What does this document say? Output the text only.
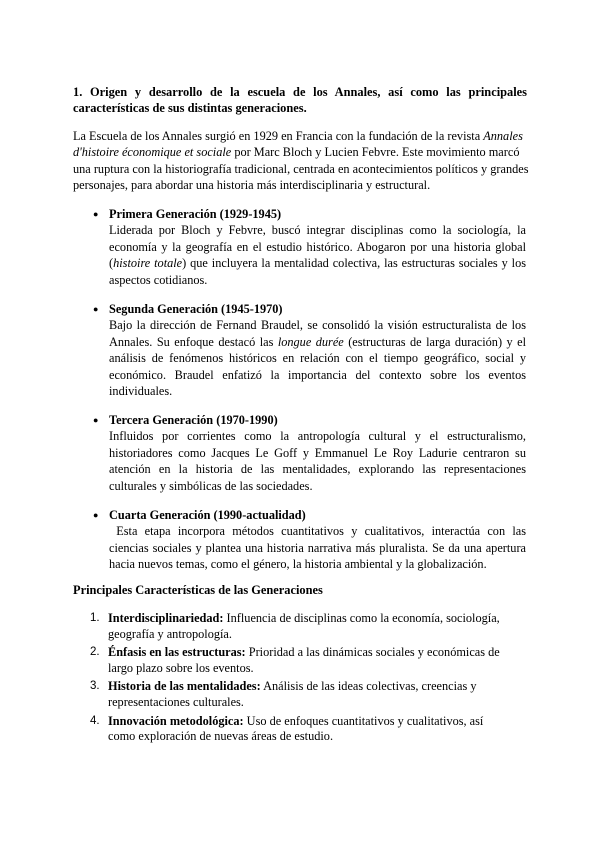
1. Origen y desarrollo de la escuela de los Annales, así como las principales características de sus distintas generaciones.
La Escuela de los Annales surgió en 1929 en Francia con la fundación de la revista Annales d'histoire économique et sociale por Marc Bloch y Lucien Febvre. Este movimiento marcó una ruptura con la historiografía tradicional, centrada en acontecimientos políticos y grandes personajes, para abordar una historia más interdisciplinaria y estructural.
● Primera Generación (1929-1945)
Liderada por Bloch y Febvre, buscó integrar disciplinas como la sociología, la economía y la geografía en el estudio histórico. Abogaron por una historia global (histoire totale) que incluyera la mentalidad colectiva, las estructuras sociales y los aspectos cotidianos.
● Segunda Generación (1945-1970)
Bajo la dirección de Fernand Braudel, se consolidó la visión estructuralista de los Annales. Su enfoque destacó las longue durée (estructuras de larga duración) y el análisis de fenómenos históricos en relación con el tiempo geográfico, social y económico. Braudel enfatizó la importancia del contexto sobre los eventos individuales.
● Tercera Generación (1970-1990)
Influidos por corrientes como la antropología cultural y el estructuralismo, historiadores como Jacques Le Goff y Emmanuel Le Roy Ladurie centraron su atención en la historia de las mentalidades, explorando las representaciones culturales y simbólicas de las sociedades.
● Cuarta Generación (1990-actualidad)
Esta etapa incorpora métodos cuantitativos y cualitativos, interactúa con las ciencias sociales y plantea una historia narrativa más pluralista. Se da una apertura hacia nuevos temas, como el género, la historia ambiental y la globalización.
Principales Características de las Generaciones
1. Interdisciplinariedad: Influencia de disciplinas como la economía, sociología, geografía y antropología.
2. Énfasis en las estructuras: Prioridad a las dinámicas sociales y económicas de largo plazo sobre los eventos.
3. Historia de las mentalidades: Análisis de las ideas colectivas, creencias y representaciones culturales.
4. Innovación metodológica: Uso de enfoques cuantitativos y cualitativos, así como exploración de nuevas áreas de estudio.
